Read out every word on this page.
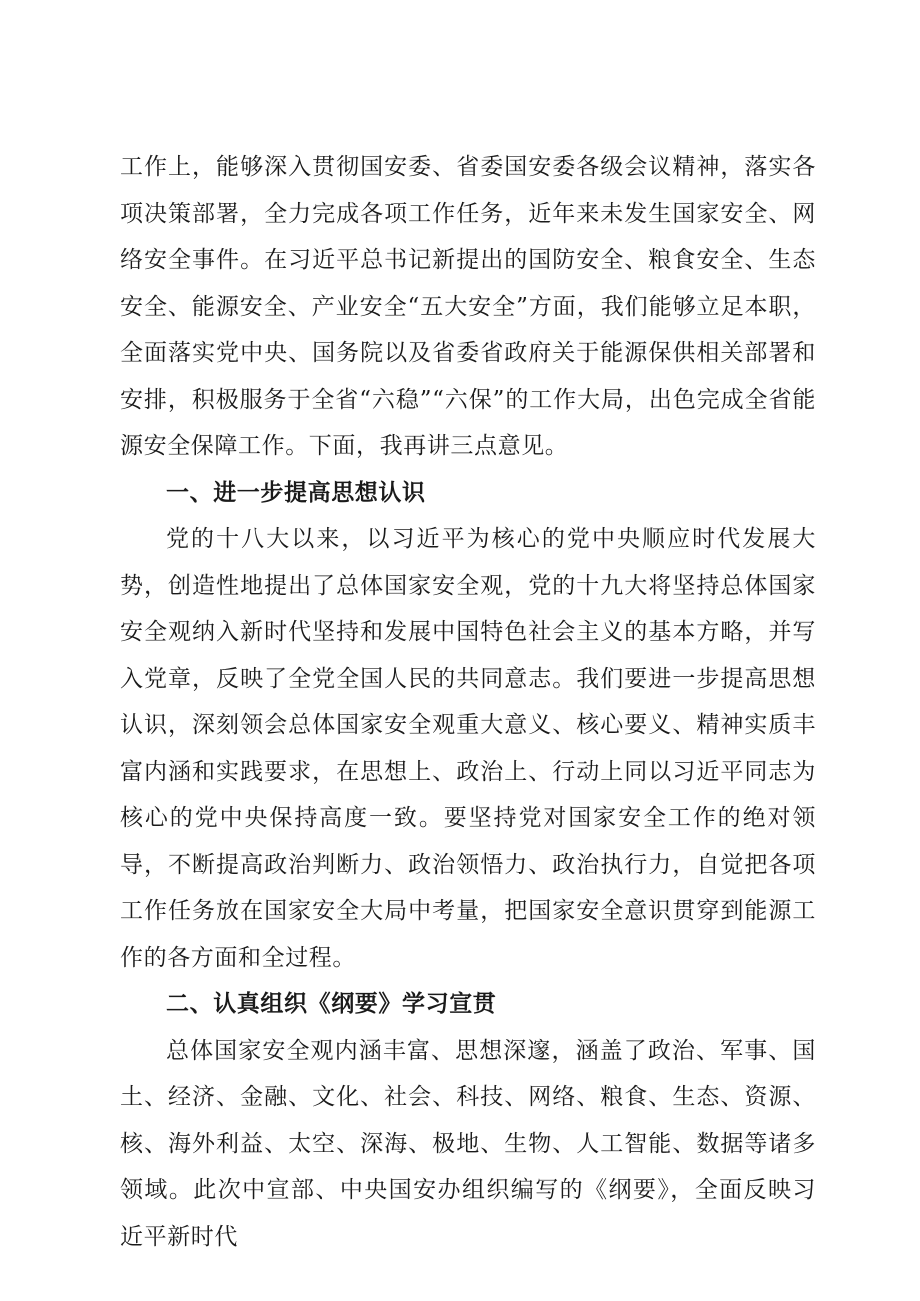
工作上，能够深入贯彻国安委、省委国安委各级会议精神，落实各项决策部署，全力完成各项工作任务，近年来未发生国家安全、网络安全事件。在习近平总书记新提出的国防安全、粮食安全、生态安全、能源安全、产业安全“五大安全”方面，我们能够立足本职，全面落实党中央、国务院以及省委省政府关于能源保供相关部署和安排，积极服务于全省“六稳”“六保”的工作大局，出色完成全省能源安全保障工作。下面，我再讲三点意见。

一、进一步提高思想认识

党的十八大以来，以习近平为核心的党中央顺应时代发展大势，创造性地提出了总体国家安全观，党的十九大将坚持总体国家安全观纳入新时代坚持和发展中国特色社会主义的基本方略，并写入党章，反映了全党全国人民的共同意志。我们要进一步提高思想认识，深刻领会总体国家安全观重大意义、核心要义、精神实质丰富内涵和实践要求，在思想上、政治上、行动上同以习近平同志为核心的党中央保持高度一致。要坚持党对国家安全工作的绝对领导，不断提高政治判断力、政治领悟力、政治执行力，自觉把各项工作任务放在国家安全大局中考量，把国家安全意识贯穿到能源工作的各方面和全过程。

二、认真组织《纲要》学习宣贯

总体国家安全观内涵丰富、思想深邃，涵盖了政治、军事、国土、经济、金融、文化、社会、科技、网络、粮食、生态、资源、核、海外利益、太空、深海、极地、生物、人工智能、数据等诸多领域。此次中宣部、中央国安办组织编写的《纲要》，全面反映习近平新时代
